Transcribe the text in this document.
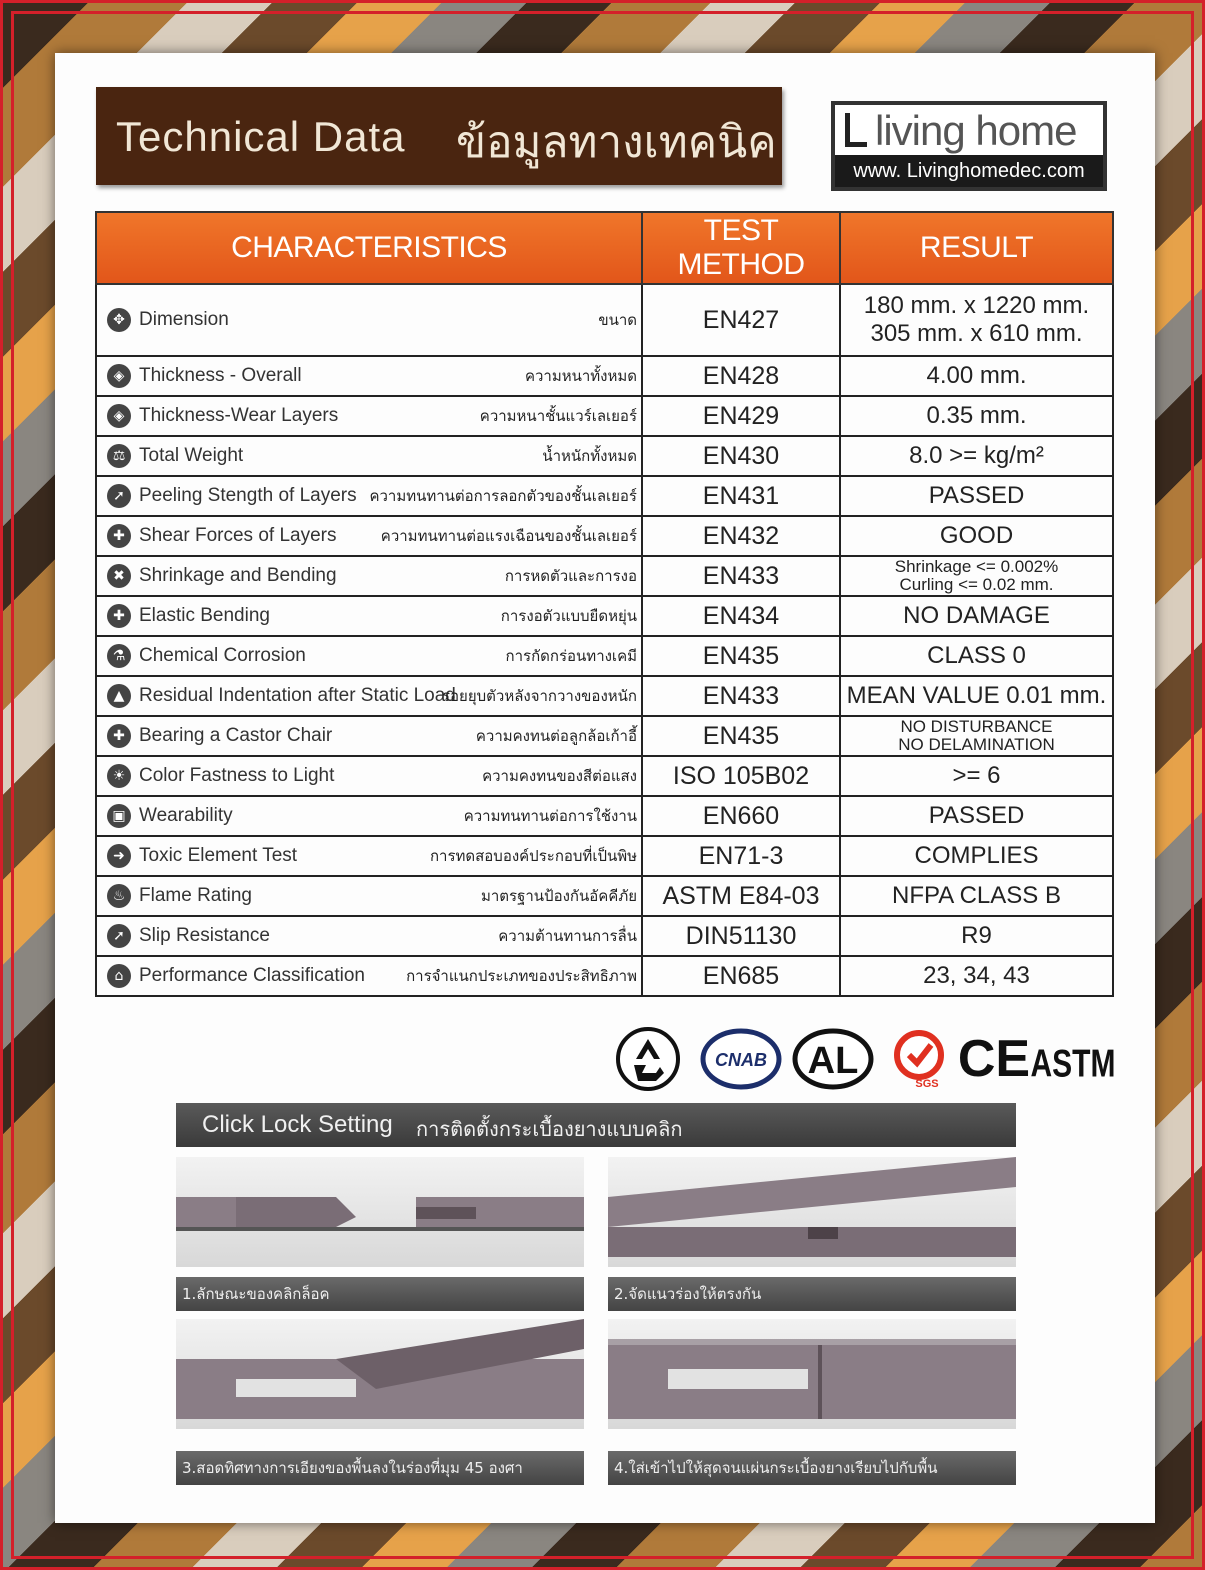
Technical Data ข้อมูลทางเทคนิค	living home
www. Livinghomedec.com
CHARACTERISTICS	TEST METHOD	RESULT

✥ Dimension ขนาด	EN427	180 mm. x 1220 mm.
305 mm. x 610 mm.

◈ Thickness - Overall ความหนาทั้งหมด	EN428	4.00 mm.

◈ Thickness-Wear Layers ความหนาชั้นแวร์เลเยอร์	EN429	0.35 mm.

⚖ Total Weight น้ำหนักทั้งหมด	EN430	8.0 >= kg/m²

➚ Peeling Stength of Layers ความทนทานต่อการลอกตัวของชั้นเลเยอร์	EN431	PASSED

✚ Shear Forces of Layers ความทนทานต่อแรงเฉือนของชั้นเลเยอร์	EN432	GOOD

✖ Shrinkage and Bending การหดตัวและการงอ	EN433	Shrinkage <= 0.002%
Curling <= 0.02 mm.

✚ Elastic Bending การงอตัวแบบยืดหยุ่น	EN434	NO DAMAGE

⚗ Chemical Corrosion การกัดกร่อนทางเคมี	EN435	CLASS 0

▲ Residual Indentation after Static Load
รอยยุบตัวหลังจากวางของหนัก	EN433	MEAN VALUE 0.01 mm.

✚ Bearing a Castor Chair ความคงทนต่อลูกล้อเก้าอี้	EN435	NO DISTURBANCE
NO DELAMINATION

☀ Color Fastness to Light ความคงทนของสีต่อแสง	ISO 105B02	>= 6

▣ Wearability ความทนทานต่อการใช้งาน	EN660	PASSED

➜ Toxic Element Test การทดสอบองค์ประกอบที่เป็นพิษ	EN71-3	COMPLIES

♨ Flame Rating มาตรฐานป้องกันอัคคีภัย	ASTM E84-03	NFPA CLASS B

➚ Slip Resistance ความต้านทานการลื่น	DIN51130	R9

⌂ Performance Classification การจำแนกประเภทของประสิทธิภาพ	EN685	23, 34, 43
CNAB AL
SGS CE ASTM
Click Lock Setting การติดตั้งกระเบื้องยางแบบคลิก
1.ลักษณะของคลิกล็อค	2.จัดแนวร่องให้ตรงกัน
3.สอดทิศทางการเอียงของพื้นลงในร่องที่มุม 45 องศา	4.ใส่เข้าไปให้สุดจนแผ่นกระเบื้องยางเรียบไปกับพื้น
